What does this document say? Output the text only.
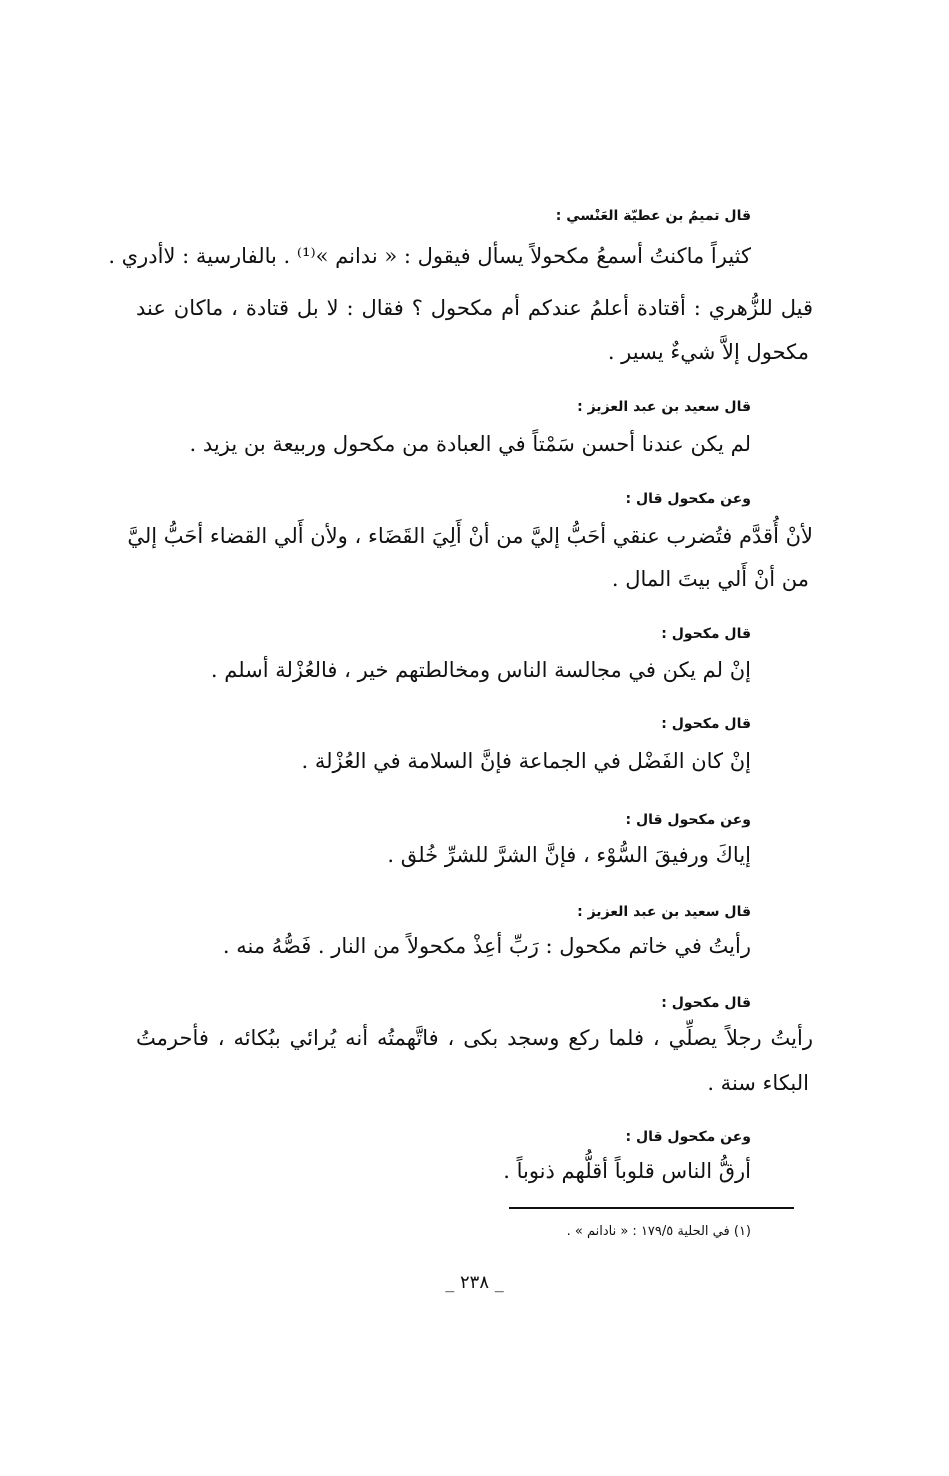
قال تميمُ بن عطيّة العَنْسي :
كثيراً ماكنتُ أسمعُ مكحولاً يسأل فيقول : « ندانم »⁽¹⁾ . بالفارسية : لاأدري .
قيل للزُّهري : أقتادة أعلمُ عندكم أم مكحول ؟ فقال : لا بل قتادة ، ماكان عند
مكحول إلاَّ شيءٌ يسير .
قال سعيد بن عبد العزيز :
لم يكن عندنا أحسن سَمْتاً في العبادة من مكحول وربيعة بن يزيد .
وعن مكحول قال :
لأنْ أُقدَّم فتُضرب عنقي أحَبُّ إليَّ من أنْ أَلِيَ القَضَاء ، ولأن أَلي القضاء أحَبُّ إليَّ
من أنْ أَلي بيتَ المال .
قال مكحول :
إنْ لم يكن في مجالسة الناس ومخالطتهم خير ، فالعُزْلة أسلم .
قال مكحول :
إنْ كان الفَضْل في الجماعة فإنَّ السلامة في العُزْلة .
وعن مكحول قال :
إياكَ ورفيقَ السُّوْء ، فإنَّ الشرَّ للشرِّ خُلق .
قال سعيد بن عبد العزيز :
رأيتُ في خاتم مكحول : رَبِّ أعِذْ مكحولاً من النار . فَصُّهُ منه .
قال مكحول :
رأيتُ رجلاً يصلِّي ، فلما ركع وسجد بكى ، فاتَّهمتُه أنه يُرائي ببُكائه ، فأحرمتُ
البكاء سنة .
وعن مكحول قال :
أرقُّ الناس قلوباً أقلُّهم ذنوباً .
(١) في الحلية ١٧٩/٥ : « نادانم » .
_ ٢٣٨ _
